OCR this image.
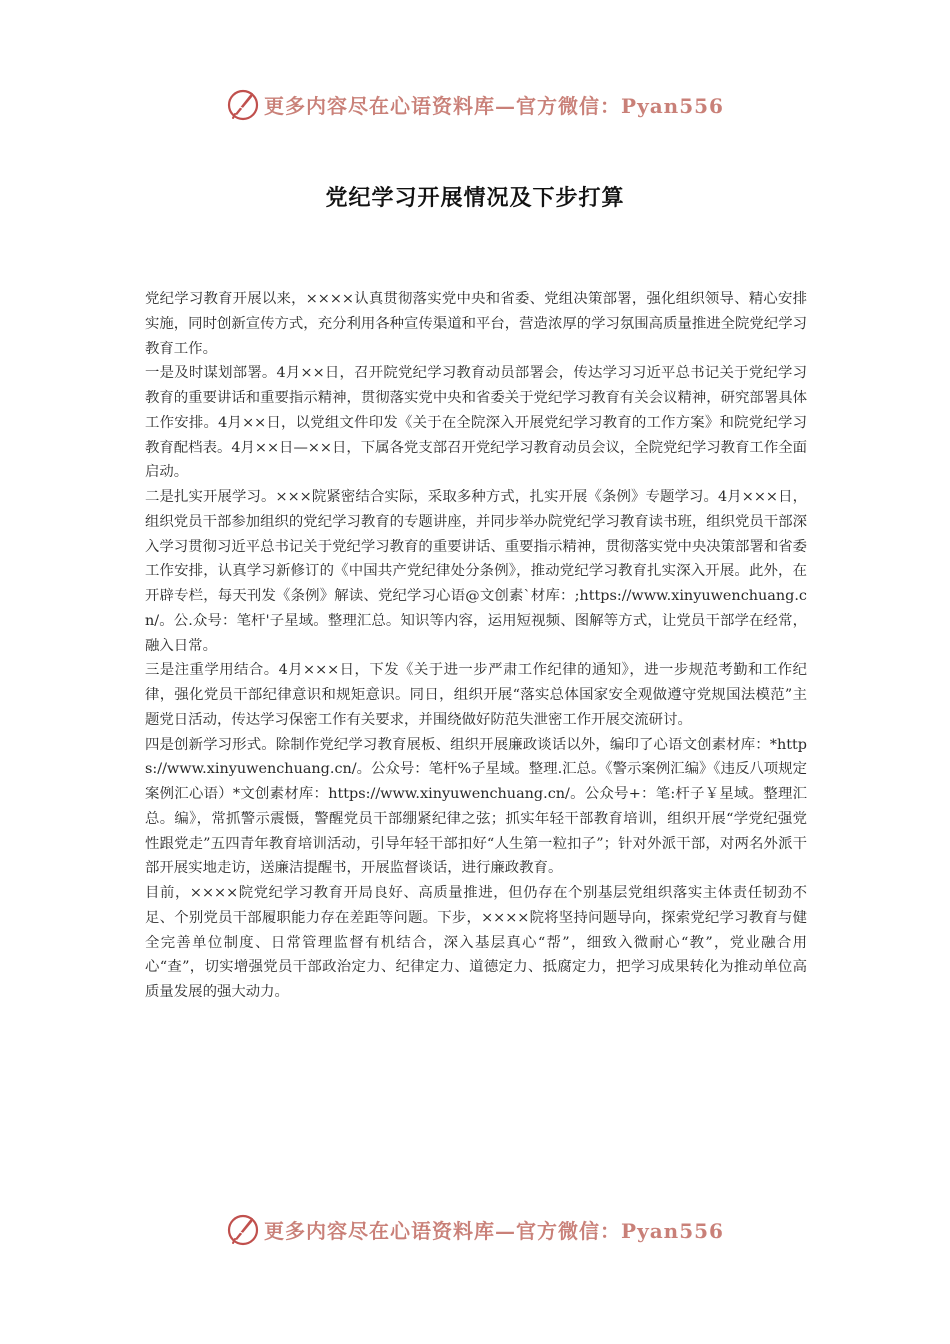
更多内容尽在心语资料库—官方微信：Pyan556
党纪学习开展情况及下步打算

党纪学习教育开展以来，××××认真贯彻落实党中央和省委、党组决策部署，强化组织领导、精心安排实施，同时创新宣传方式，充分利用各种宣传渠道和平台，营造浓厚的学习氛围高质量推进全院党纪学习教育工作。

一是及时谋划部署。4月××日，召开院党纪学习教育动员部署会，传达学习习近平总书记关于党纪学习教育的重要讲话和重要指示精神，贯彻落实党中央和省委关于党纪学习教育有关会议精神，研究部署具体工作安排。4月××日，以党组文件印发《关于在全院深入开展党纪学习教育的工作方案》和院党纪学习教育配档表。4月××日—××日，下属各党支部召开党纪学习教育动员会议，全院党纪学习教育工作全面启动。

二是扎实开展学习。×××院紧密结合实际，采取多种方式，扎实开展《条例》专题学习。4月×××日，组织党员干部参加组织的党纪学习教育的专题讲座，并同步举办院党纪学习教育读书班，组织党员干部深入学习贯彻习近平总书记关于党纪学习教育的重要讲话、重要指示精神，贯彻落实党中央决策部署和省委工作安排，认真学习新修订的《中国共产党纪律处分条例》，推动党纪学习教育扎实深入开展。此外，在开辟专栏，每天刊发《条例》解读、党纪学习心语@文创素`材库：;https://www.xinyuwenchuang.cn/。公.众号：笔杆'子星域。整理汇总。知识等内容，运用短视频、图解等方式，让党员干部学在经常，融入日常。

三是注重学用结合。4月×××日，下发《关于进一步严肃工作纪律的通知》，进一步规范考勤和工作纪律，强化党员干部纪律意识和规矩意识。同日，组织开展“落实总体国家安全观做遵守党规国法模范”主题党日活动，传达学习保密工作有关要求，并围绕做好防范失泄密工作开展交流研讨。

四是创新学习形式。除制作党纪学习教育展板、组织开展廉政谈话以外，编印了心语文创素材库：*https://www.xinyuwenchuang.cn/。公众号：笔杆%子星域。整理.汇总。《警示案例汇编》《违反八项规定案例汇心语）*文创素材库：https://www.xinyuwenchuang.cn/。公众号+：笔:杆子￥星域。整理汇总。编》，常抓警示震慑，警醒党员干部绷紧纪律之弦；抓实年轻干部教育培训，组织开展“学党纪强党性跟党走”五四青年教育培训活动，引导年轻干部扣好“人生第一粒扣子”；针对外派干部，对两名外派干部开展实地走访，送廉洁提醒书，开展监督谈话，进行廉政教育。

目前，××××院党纪学习教育开局良好、高质量推进，但仍存在个别基层党组织落实主体责任韧劲不足、个别党员干部履职能力存在差距等问题。下步，××××院将坚持问题导向，探索党纪学习教育与健全完善单位制度、日常管理监督有机结合，深入基层真心“帮”，细致入微耐心“教”，党业融合用心“查”，切实增强党员干部政治定力、纪律定力、道德定力、抵腐定力，把学习成果转化为推动单位高质量发展的强大动力。

更多内容尽在心语资料库—官方微信：Pyan556
